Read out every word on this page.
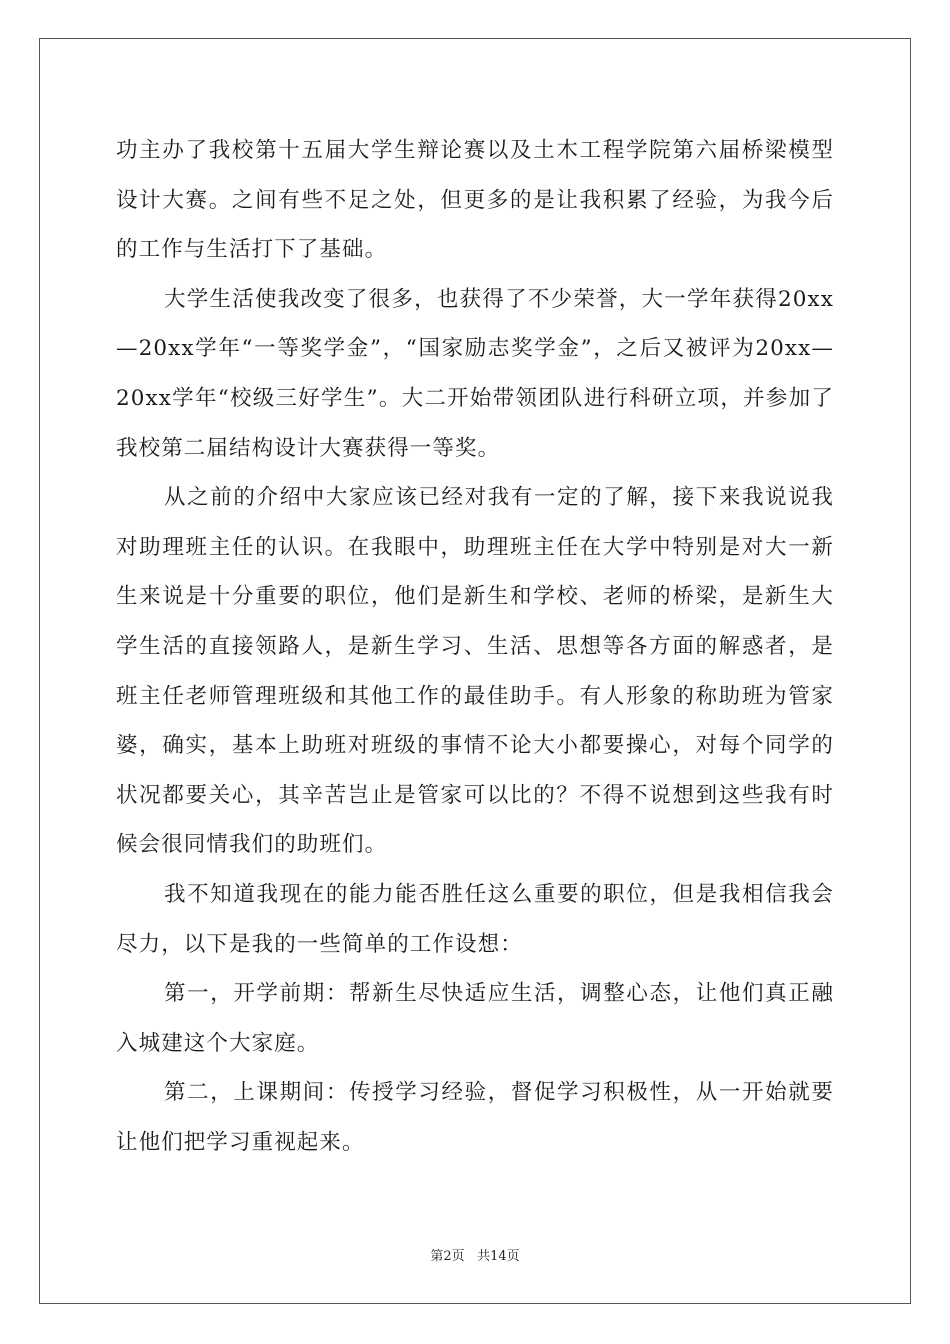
功主办了我校第十五届大学生辩论赛以及土木工程学院第六届桥梁模型设计大赛。之间有些不足之处，但更多的是让我积累了经验，为我今后的工作与生活打下了基础。

大学生活使我改变了很多，也获得了不少荣誉，大一学年获得20xx—20xx学年“一等奖学金”，“国家励志奖学金”，之后又被评为20xx—20xx学年“校级三好学生”。大二开始带领团队进行科研立项，并参加了我校第二届结构设计大赛获得一等奖。

从之前的介绍中大家应该已经对我有一定的了解，接下来我说说我对助理班主任的认识。在我眼中，助理班主任在大学中特别是对大一新生来说是十分重要的职位，他们是新生和学校、老师的桥梁，是新生大学生活的直接领路人，是新生学习、生活、思想等各方面的解惑者，是班主任老师管理班级和其他工作的最佳助手。有人形象的称助班为管家婆，确实，基本上助班对班级的事情不论大小都要操心，对每个同学的状况都要关心，其辛苦岂止是管家可以比的？不得不说想到这些我有时候会很同情我们的助班们。

我不知道我现在的能力能否胜任这么重要的职位，但是我相信我会尽力，以下是我的一些简单的工作设想：

第一，开学前期：帮新生尽快适应生活，调整心态，让他们真正融入城建这个大家庭。

第二，上课期间：传授学习经验，督促学习积极性，从一开始就要让他们把学习重视起来。

第2页 共14页
